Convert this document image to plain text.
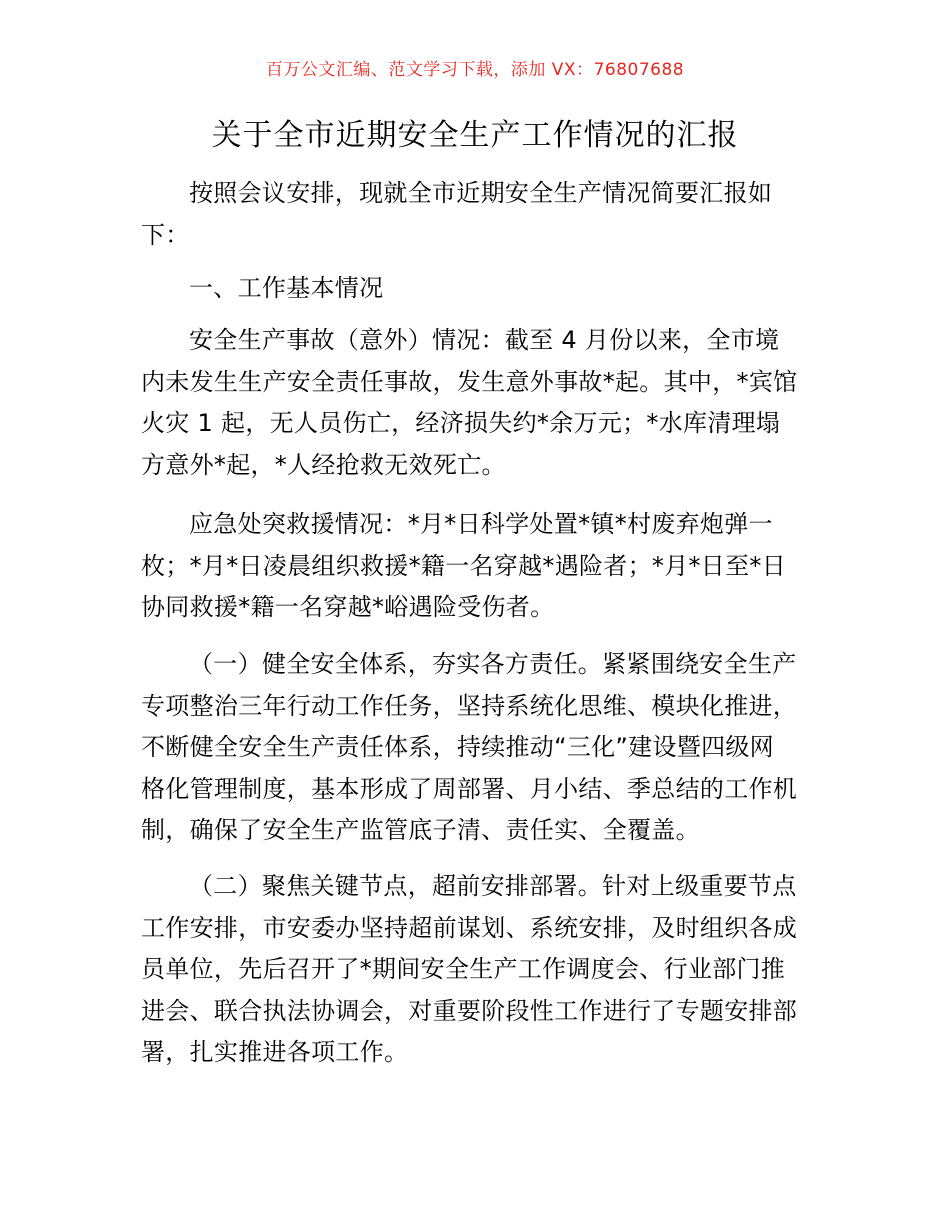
百万公文汇编、范文学习下载，添加 VX：76807688
关于全市近期安全生产工作情况的汇报
按照会议安排，现就全市近期安全生产情况简要汇报如
下：
一、工作基本情况
安全生产事故（意外）情况：截至 4 月份以来，全市境
内未发生生产安全责任事故，发生意外事故*起。其中，*宾馆
火灾 1 起，无人员伤亡，经济损失约*余万元；*水库清理塌
方意外*起，*人经抢救无效死亡。
应急处突救援情况：*月*日科学处置*镇*村废弃炮弹一
枚；*月*日凌晨组织救援*籍一名穿越*遇险者；*月*日至*日
协同救援*籍一名穿越*峪遇险受伤者。
（一）健全安全体系，夯实各方责任。紧紧围绕安全生产
专项整治三年行动工作任务，坚持系统化思维、模块化推进，
不断健全安全生产责任体系，持续推动“三化”建设暨四级网
格化管理制度，基本形成了周部署、月小结、季总结的工作机
制，确保了安全生产监管底子清、责任实、全覆盖。
（二）聚焦关键节点，超前安排部署。针对上级重要节点
工作安排，市安委办坚持超前谋划、系统安排，及时组织各成
员单位，先后召开了*期间安全生产工作调度会、行业部门推
进会、联合执法协调会，对重要阶段性工作进行了专题安排部
署，扎实推进各项工作。
